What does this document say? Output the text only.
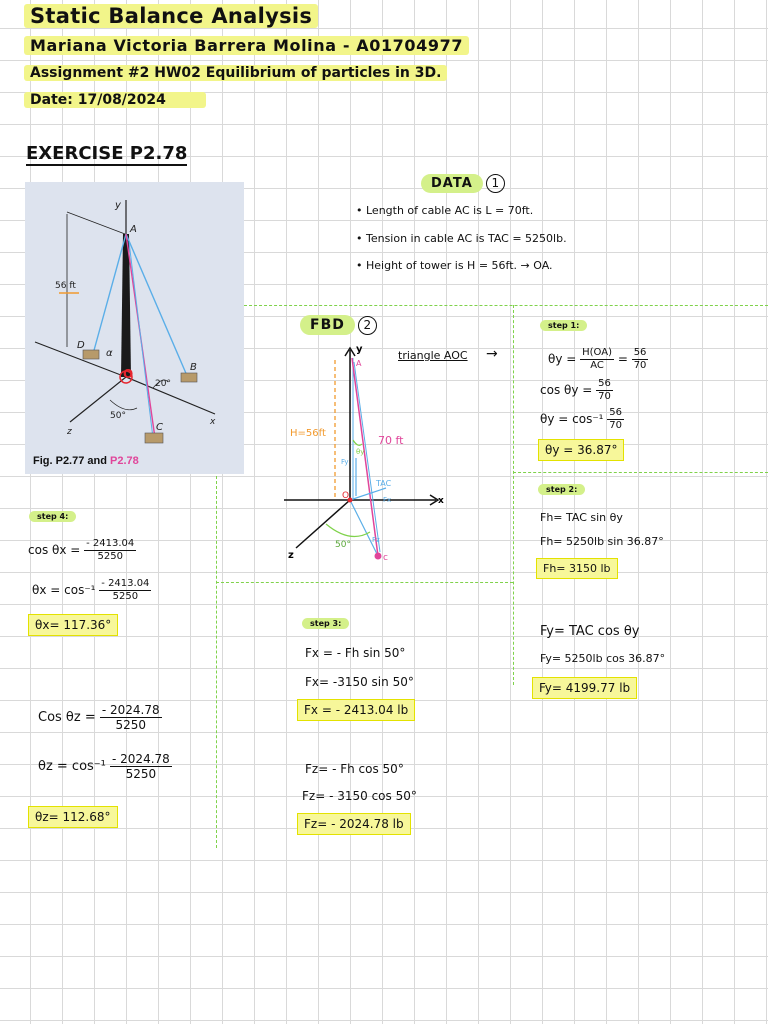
Static Balance Analysis
Mariana Victoria Barrera Molina - A01704977
Assignment #2 HW02 Equilibrium of particles in 3D.
Date: 17/08/2024
EXERCISE P2.78
y
A
D
B
C
O
z
x
α
56 ft
20°
50°
Fig. P2.77 and P2.78
DATA 1
• Length of cable AC is L = 70ft.
• Tension in cable AC is TAC = 5250lb.
• Height of tower is H = 56ft. → OA.
FBD 2
y
A
x
z
O
c
H=56ft
70 ft
TAC
Fx
Fy
Fz
θy
50°
triangle AOC →
step 1:
$\theta y = \frac{H(OA)}{AC} = \frac{56}{70}$
$\cos \theta y = \frac{56}{70}$
$\theta y = \cos^{-1} \frac{56}{70}$
θy = 36.87°
step 2:
Fh= TAC sin θy
Fh= 5250lb sin 36.87°
Fh= 3150 lb
Fy= TAC cos θy
Fy= 5250lb cos 36.87°
Fy= 4199.77 lb
step 3:
Fx = - Fh sin 50°
Fx= -3150 sin 50°
Fx = - 2413.04 lb
Fz= - Fh cos 50°
Fz= - 3150 cos 50°
Fz= - 2024.78 lb
step 4:
$\cos \theta x = \frac{- 2413.04}{5250}$
$\theta x = \cos^{-1} \frac{- 2413.04}{5250}$
θx= 117.36°
Cos $\theta z = \frac{- 2024.78}{5250}$
$\theta z = \cos^{-1} \frac{- 2024.78}{5250}$
θz= 112.68°
